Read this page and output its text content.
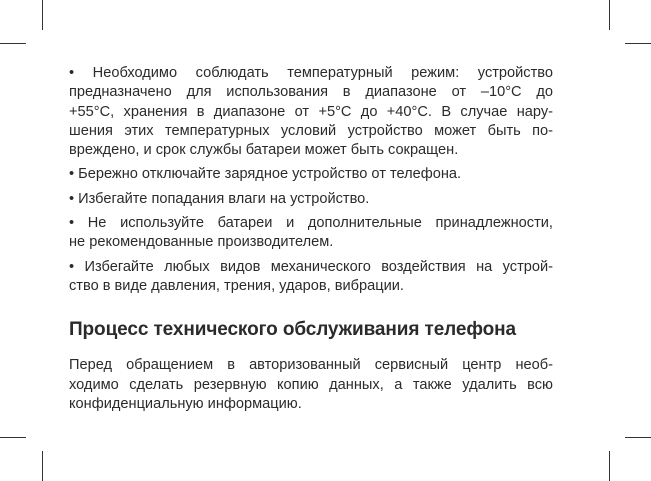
• Необходимо соблюдать температурный режим: устройство
предназначено для использования в диапазоне от –10°С до
+55°С, хранения в диапазоне от +5°С до +40°С. В случае нару-
шения этих температурных условий устройство может быть по-
вреждено, и срок службы батареи может быть сокращен.

• Бережно отключайте зарядное устройство от телефона.

• Избегайте попадания влаги на устройство.

• Не используйте батареи и дополнительные принадлежности,
не рекомендованные производителем.

• Избегайте любых видов механического воздействия на устрой-
ство в виде давления, трения, ударов, вибрации.

Процесс технического обслуживания телефона

Перед обращением в авторизованный сервисный центр необ-
ходимо сделать резервную копию данных, а также удалить всю
конфиденциальную информацию.
